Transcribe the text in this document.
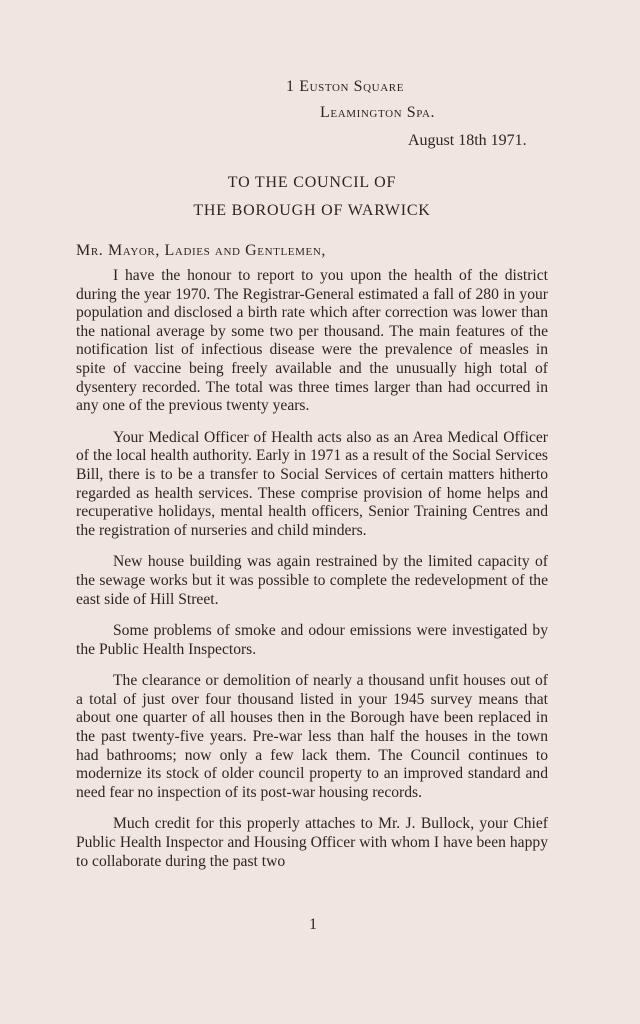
1 Euston Square
Leamington Spa.
August 18th 1971.
TO THE COUNCIL OF
THE BOROUGH OF WARWICK
Mr. Mayor, Ladies and Gentlemen,

I have the honour to report to you upon the health of the district during the year 1970. The Registrar-General estimated a fall of 280 in your population and disclosed a birth rate which after correction was lower than the national average by some two per thousand. The main features of the notification list of infectious disease were the prevalence of measles in spite of vaccine being freely available and the unusually high total of dysentery recorded. The total was three times larger than had occurred in any one of the previous twenty years.

Your Medical Officer of Health acts also as an Area Medical Officer of the local health authority. Early in 1971 as a result of the Social Services Bill, there is to be a transfer to Social Services of certain matters hitherto regarded as health services. These comprise provision of home helps and recuperative holidays, mental health officers, Senior Training Centres and the registration of nurseries and child minders.

New house building was again restrained by the limited capacity of the sewage works but it was possible to complete the redevelopment of the east side of Hill Street.

Some problems of smoke and odour emissions were investigated by the Public Health Inspectors.

The clearance or demolition of nearly a thousand unfit houses out of a total of just over four thousand listed in your 1945 survey means that about one quarter of all houses then in the Borough have been replaced in the past twenty-five years. Pre-war less than half the houses in the town had bathrooms; now only a few lack them. The Council continues to modernize its stock of older council property to an improved standard and need fear no inspection of its post-war housing records.

Much credit for this properly attaches to Mr. J. Bullock, your Chief Public Health Inspector and Housing Officer with whom I have been happy to collaborate during the past two

1
